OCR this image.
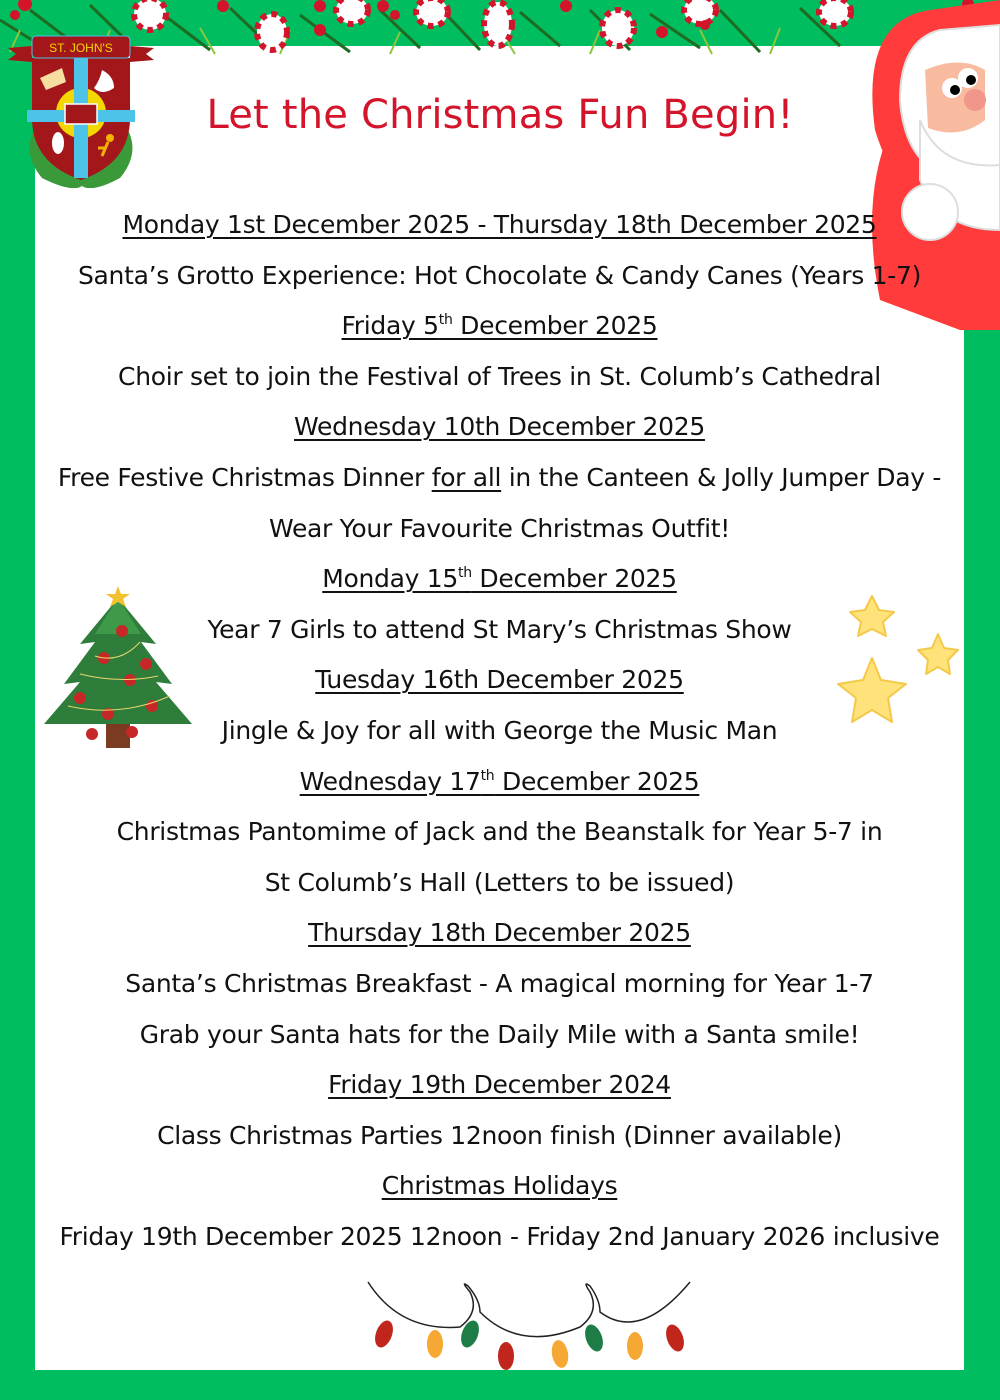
ST. JOHN'S
Let the Christmas Fun Begin!
Monday 1st December 2025 - Thursday 18th December 2025
Santa’s Grotto Experience: Hot Chocolate & Candy Canes (Years 1-7)
Friday 5th December 2025
Choir set to join the Festival of Trees in St. Columb’s Cathedral
Wednesday 10th December 2025
Free Festive Christmas Dinner for all in the Canteen & Jolly Jumper Day -
Wear Your Favourite Christmas Outfit!
Monday 15th December 2025
Year 7 Girls to attend St Mary’s Christmas Show
Tuesday 16th December 2025
Jingle & Joy for all with George the Music Man
Wednesday 17th December 2025
Christmas Pantomime of Jack and the Beanstalk for Year 5-7 in
St Columb’s Hall (Letters to be issued)
Thursday 18th December 2025
Santa’s Christmas Breakfast - A magical morning for Year 1-7
Grab your Santa hats for the Daily Mile with a Santa smile!
Friday 19th December 2024
Class Christmas Parties 12noon finish (Dinner available)
Christmas Holidays
Friday 19th December 2025 12noon - Friday 2nd January 2026 inclusive
